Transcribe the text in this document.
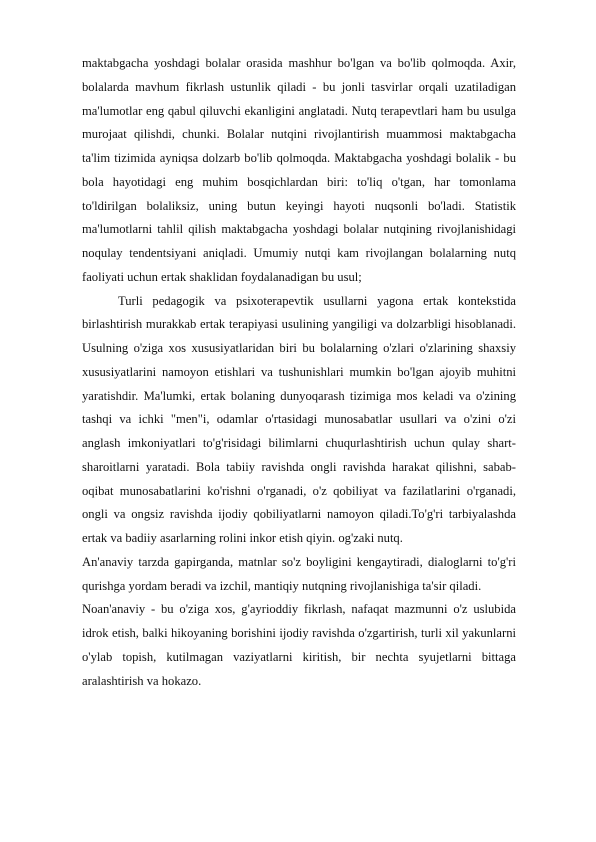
maktabgacha yoshdagi bolalar orasida mashhur bo'lgan va bo'lib qolmoqda. Axir, bolalarda mavhum fikrlash ustunlik qiladi - bu jonli tasvirlar orqali uzatiladigan ma'lumotlar eng qabul qiluvchi ekanligini anglatadi. Nutq terapevtlari ham bu usulga murojaat qilishdi, chunki. Bolalar nutqini rivojlantirish muammosi maktabgacha ta'lim tizimida ayniqsa dolzarb bo'lib qolmoqda. Maktabgacha yoshdagi bolalik - bu bola hayotidagi eng muhim bosqichlardan biri: to'liq o'tgan, har tomonlama to'ldirilgan bolaliksiz, uning butun keyingi hayoti nuqsonli bo'ladi. Statistik ma'lumotlarni tahlil qilish maktabgacha yoshdagi bolalar nutqining rivojlanishidagi noqulay tendentsiyani aniqladi. Umumiy nutqi kam rivojlangan bolalarning nutq faoliyati uchun ertak shaklidan foydalanadigan bu usul;

Turli pedagogik va psixoterapevtik usullarni yagona ertak kontekstida birlashtirish murakkab ertak terapiyasi usulining yangiligi va dolzarbligi hisoblanadi. Usulning o'ziga xos xususiyatlaridan biri bu bolalarning o'zlari o'zlarining shaxsiy xususiyatlarini namoyon etishlari va tushunishlari mumkin bo'lgan ajoyib muhitni yaratishdir. Ma'lumki, ertak bolaning dunyoqarash tizimiga mos keladi va o'zining tashqi va ichki "men"i, odamlar o'rtasidagi munosabatlar usullari va o'zini o'zi anglash imkoniyatlari to'g'risidagi bilimlarni chuqurlashtirish uchun qulay shart-sharoitlarni yaratadi. Bola tabiiy ravishda ongli ravishda harakat qilishni, sabab-oqibat munosabatlarini ko'rishni o'rganadi, o'z qobiliyat va fazilatlarini o'rganadi, ongli va ongsiz ravishda ijodiy qobiliyatlarni namoyon qiladi.To'g'ri tarbiyalashda ertak va badiiy asarlarning rolini inkor etish qiyin. og'zaki nutq.

An'anaviy tarzda gapirganda, matnlar so'z boyligini kengaytiradi, dialoglarni to'g'ri qurishga yordam beradi va izchil, mantiqiy nutqning rivojlanishiga ta'sir qiladi.

Noan'anaviy - bu o'ziga xos, g'ayrioddiy fikrlash, nafaqat mazmunni o'z uslubida idrok etish, balki hikoyaning borishini ijodiy ravishda o'zgartirish, turli xil yakunlarni o'ylab topish, kutilmagan vaziyatlarni kiritish, bir nechta syujetlarni bittaga aralashtirish va hokazo.
